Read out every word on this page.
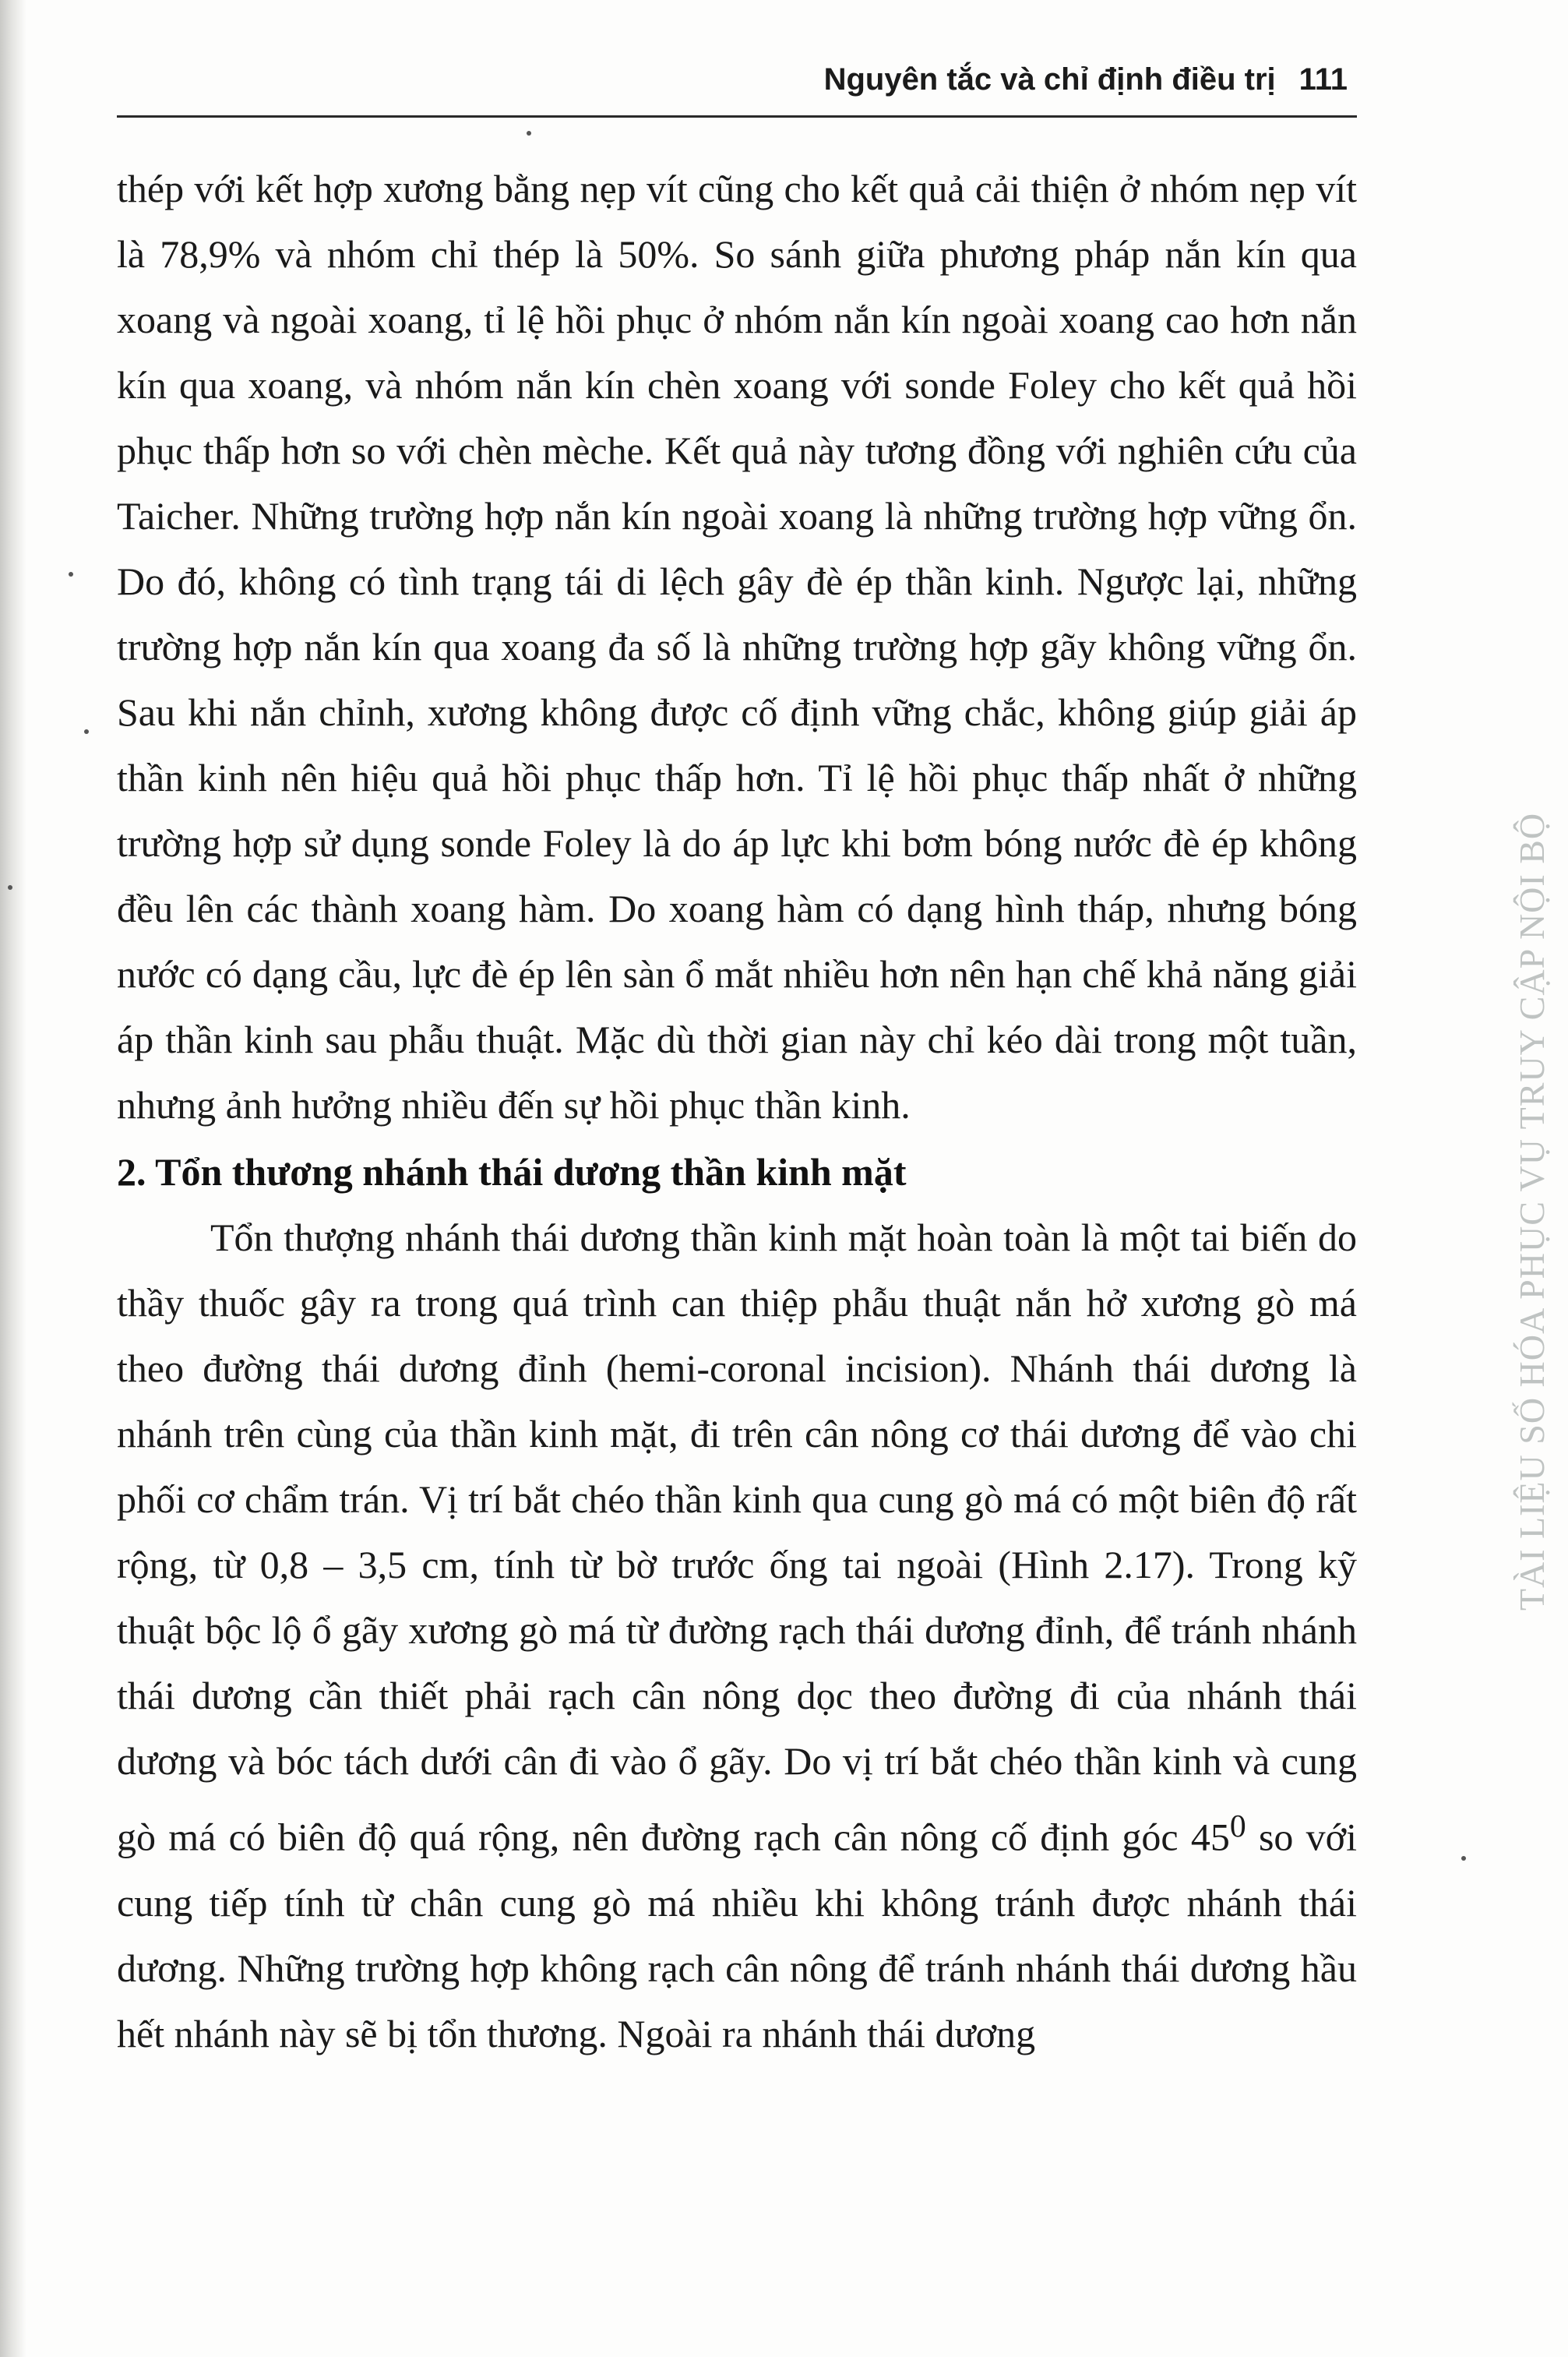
Nguyên tắc và chỉ định điều trị 111

thép với kết hợp xương bằng nẹp vít cũng cho kết quả cải thiện ở nhóm nẹp vít là 78,9% và nhóm chỉ thép là 50%. So sánh giữa phương pháp nắn kín qua xoang và ngoài xoang, tỉ lệ hồi phục ở nhóm nắn kín ngoài xoang cao hơn nắn kín qua xoang, và nhóm nắn kín chèn xoang với sonde Foley cho kết quả hồi phục thấp hơn so với chèn mèche. Kết quả này tương đồng với nghiên cứu của Taicher. Những trường hợp nắn kín ngoài xoang là những trường hợp vững ổn. Do đó, không có tình trạng tái di lệch gây đè ép thần kinh. Ngược lại, những trường hợp nắn kín qua xoang đa số là những trường hợp gãy không vững ổn. Sau khi nắn chỉnh, xương không được cố định vững chắc, không giúp giải áp thần kinh nên hiệu quả hồi phục thấp hơn. Tỉ lệ hồi phục thấp nhất ở những trường hợp sử dụng sonde Foley là do áp lực khi bơm bóng nước đè ép không đều lên các thành xoang hàm. Do xoang hàm có dạng hình tháp, nhưng bóng nước có dạng cầu, lực đè ép lên sàn ổ mắt nhiều hơn nên hạn chế khả năng giải áp thần kinh sau phẫu thuật. Mặc dù thời gian này chỉ kéo dài trong một tuần, nhưng ảnh hưởng nhiều đến sự hồi phục thần kinh.

2. Tổn thương nhánh thái dương thần kinh mặt

Tổn thượng nhánh thái dương thần kinh mặt hoàn toàn là một tai biến do thầy thuốc gây ra trong quá trình can thiệp phẫu thuật nắn hở xương gò má theo đường thái dương đỉnh (hemi-coronal incision). Nhánh thái dương là nhánh trên cùng của thần kinh mặt, đi trên cân nông cơ thái dương để vào chi phối cơ chẩm trán. Vị trí bắt chéo thần kinh qua cung gò má có một biên độ rất rộng, từ 0,8 – 3,5 cm, tính từ bờ trước ống tai ngoài (Hình 2.17). Trong kỹ thuật bộc lộ ổ gãy xương gò má từ đường rạch thái dương đỉnh, để tránh nhánh thái dương cần thiết phải rạch cân nông dọc theo đường đi của nhánh thái dương và bóc tách dưới cân đi vào ổ gãy. Do vị trí bắt chéo thần kinh và cung gò má có biên độ quá rộng, nên đường rạch cân nông cố định góc $45^0$ so với cung tiếp tính từ chân cung gò má nhiều khi không tránh được nhánh thái dương. Những trường hợp không rạch cân nông để tránh nhánh thái dương hầu hết nhánh này sẽ bị tổn thương. Ngoài ra nhánh thái dương

TÀI LIỆU SỐ HÓA PHỤC VỤ TRUY CẬP NỘI BỘ
